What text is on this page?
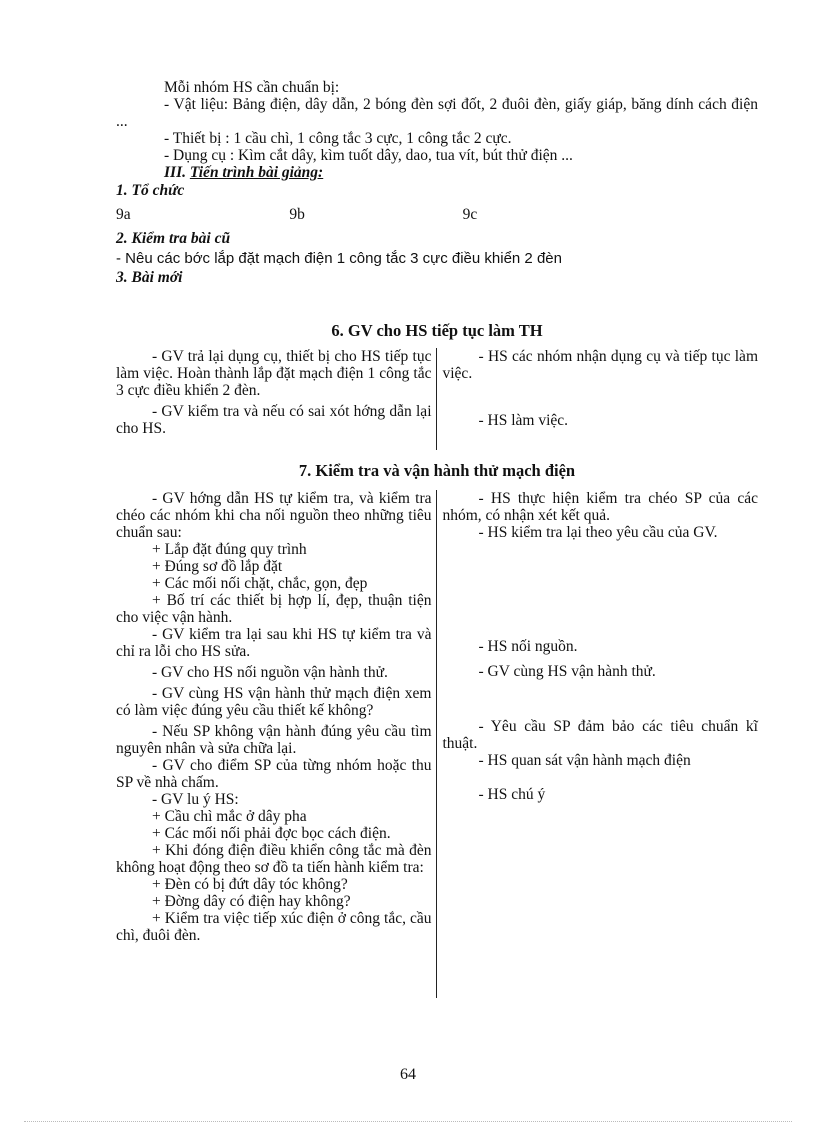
Mỗi nhóm HS cần chuẩn bị:

- Vật liệu: Bảng điện, dây dẫn, 2 bóng đèn sợi đốt, 2 đuôi đèn, giấy giáp, băng dính cách điện ...

- Thiết bị : 1 cầu chì, 1 công tắc 3 cực, 1 công tắc 2 cực.

- Dụng cụ : Kìm cắt dây, kìm tuốt dây, dao, tua vít, bút thử điện ...

III. Tiến trình bài giảng:

1. Tổ chức

9a	9b	9c

2. Kiểm tra bài cũ

- Nêu các bớc lắp đặt mạch điện 1 công tắc 3 cực điều khiển 2 đèn

3. Bài mới

6. GV cho HS tiếp tục làm TH

- GV trả lại dụng cụ, thiết bị cho HS tiếp tục làm việc. Hoàn thành lắp đặt mạch điện 1 công tắc 3 cực điều khiển 2 đèn.

- GV kiểm tra và nếu có sai xót hớng dẫn lại cho HS.

- HS các nhóm nhận dụng cụ và tiếp tục làm việc.

- HS làm việc.

7. Kiểm tra và vận hành thử mạch điện

- GV hớng dẫn HS tự kiểm tra, và kiểm tra chéo các nhóm khi cha nối nguồn theo những tiêu chuẩn sau:

+ Lắp đặt đúng quy trình

+ Đúng sơ đồ lắp đặt

+ Các mối nối chặt, chắc, gọn, đẹp

+ Bố trí các thiết bị hợp lí, đẹp, thuận tiện cho việc vận hành.

- GV kiểm tra lại sau khi HS tự kiểm tra và chỉ ra lỗi cho HS sửa.

- GV cho HS nối nguồn vận hành thử.

- GV cùng HS vận hành thử mạch điện xem có làm việc đúng yêu cầu thiết kế không?

- Nếu SP không vận hành đúng yêu cầu tìm nguyên nhân và sửa chữa lại.

- GV cho điểm SP của từng nhóm hoặc thu SP về nhà chấm.

- GV lu ý HS:

+ Cầu chì mắc ở dây pha

+ Các mối nối phải đợc bọc cách điện.

+ Khi đóng điện điều khiển công tắc mà đèn không hoạt động theo sơ đồ ta tiến hành kiểm tra:

+ Đèn có bị đứt dây tóc không?

+ Đờng dây có điện hay không?

+ Kiểm tra việc tiếp xúc điện ở công tắc, cầu chì, đuôi đèn.

- HS thực hiện kiểm tra chéo SP của các nhóm, có nhận xét kết quả.

- HS kiểm tra lại theo yêu cầu của GV.

- HS nối nguồn.

- GV cùng HS vận hành thử.

- Yêu cầu SP đảm bảo các tiêu chuẩn kĩ thuật.

- HS quan sát vận hành mạch điện

- HS chú ý

64
